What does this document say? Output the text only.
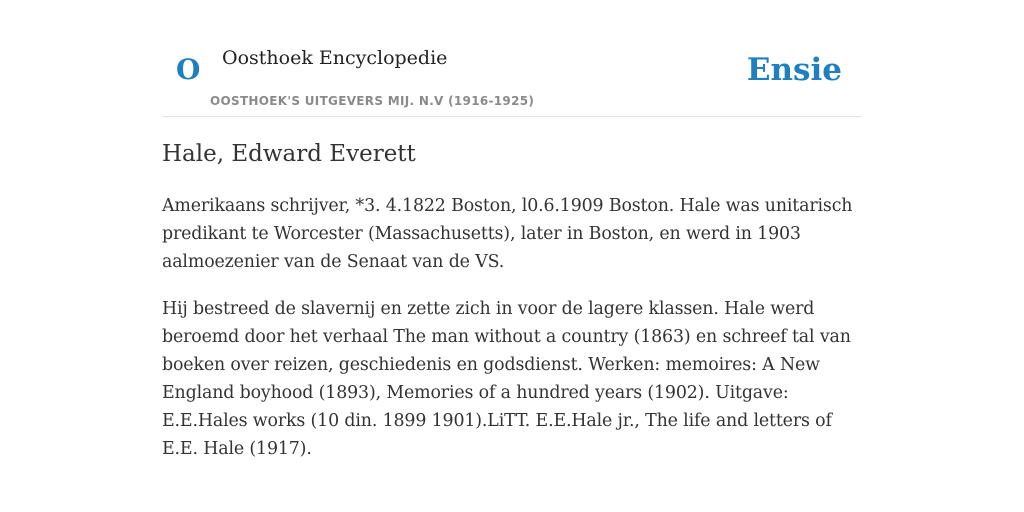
O Oosthoek Encyclopedie
OOSTHOEK'S UITGEVERS MIJ. N.V (1916-1925)
Ensie
Hale, Edward Everett

Amerikaans schrijver, *3. 4.1822 Boston, l0.6.1909 Boston. Hale was unitarisch predikant te Worcester (Massachusetts), later in Boston, en werd in 1903 aalmoezenier van de Senaat van de VS.

Hij bestreed de slavernij en zette zich in voor de lagere klassen. Hale werd beroemd door het verhaal The man without a country (1863) en schreef tal van boeken over reizen, geschiedenis en godsdienst. Werken: memoires: A New England boyhood (1893), Memories of a hundred years (1902). Uitgave: E.E.Hales works (10 din. 1899 1901).LiTT. E.E.Hale jr., The life and letters of E.E. Hale (1917).
